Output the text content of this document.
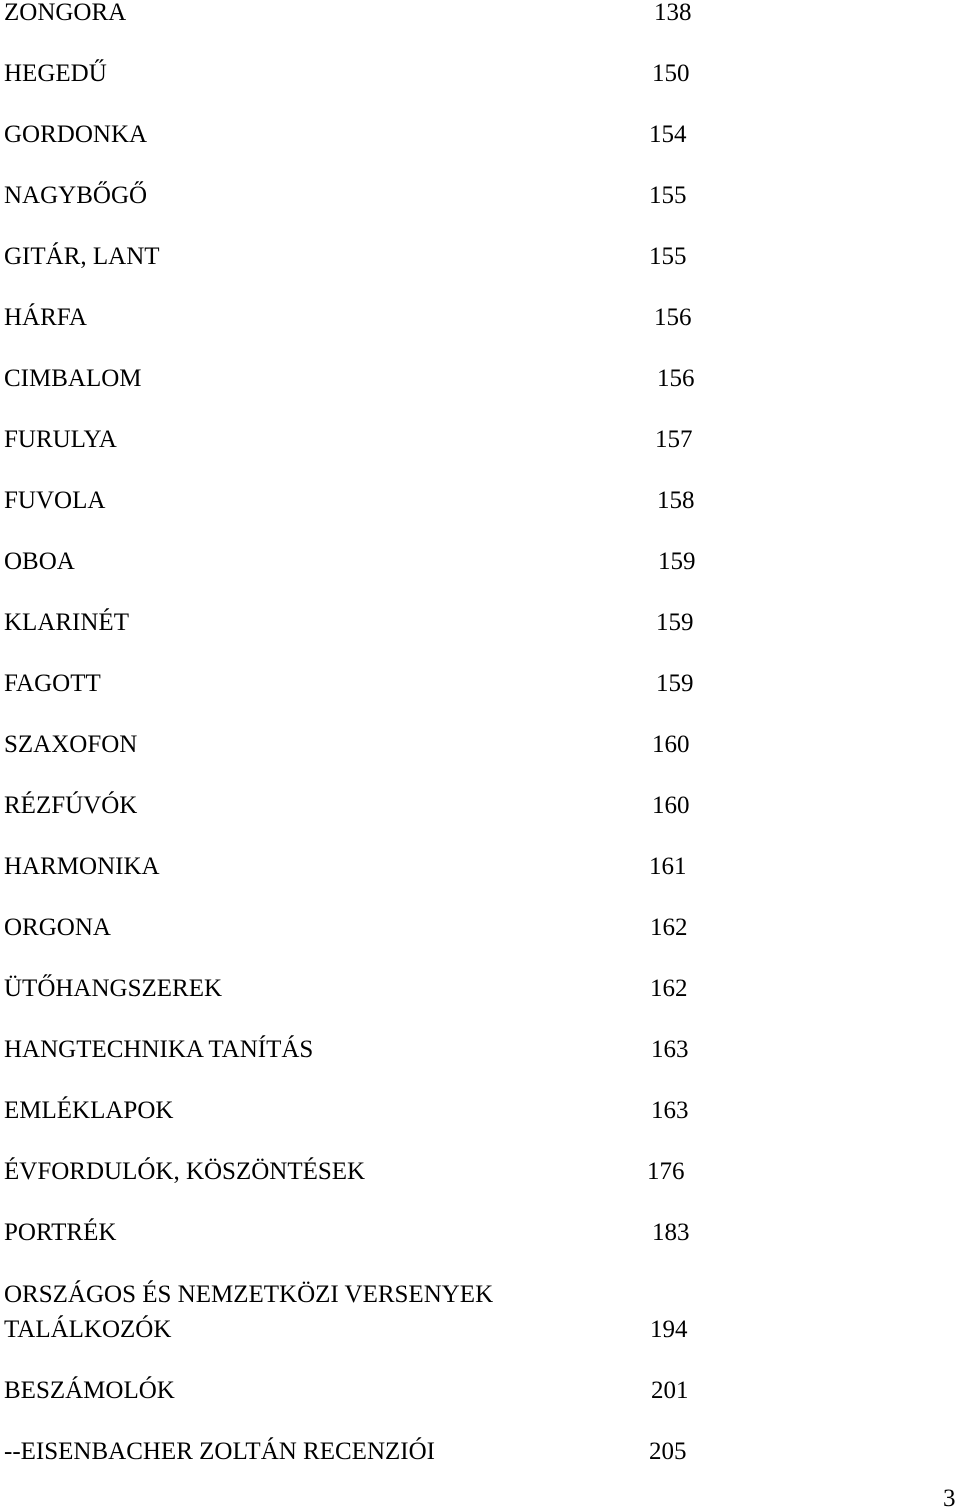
ZONGORA	138
HEGEDŰ	150
GORDONKA	154
NAGYBŐGŐ	155
GITÁR, LANT	155
HÁRFA	156
CIMBALOM	156
FURULYA	157
FUVOLA	158
OBOA	159
KLARINÉT	159
FAGOTT	159
SZAXOFON	160
RÉZFÚVÓK	160
HARMONIKA	161
ORGONA	162
ÜTŐHANGSZEREK	162
HANGTECHNIKA TANÍTÁS	163
EMLÉKLAPOK	163
ÉVFORDULÓK, KÖSZÖNTÉSEK	176
PORTRÉK	183
ORSZÁGOS ÉS NEMZETKÖZI VERSENYEK
TALÁLKOZÓK	194
BESZÁMOLÓK	201
--EISENBACHER ZOLTÁN RECENZIÓI	205
3
